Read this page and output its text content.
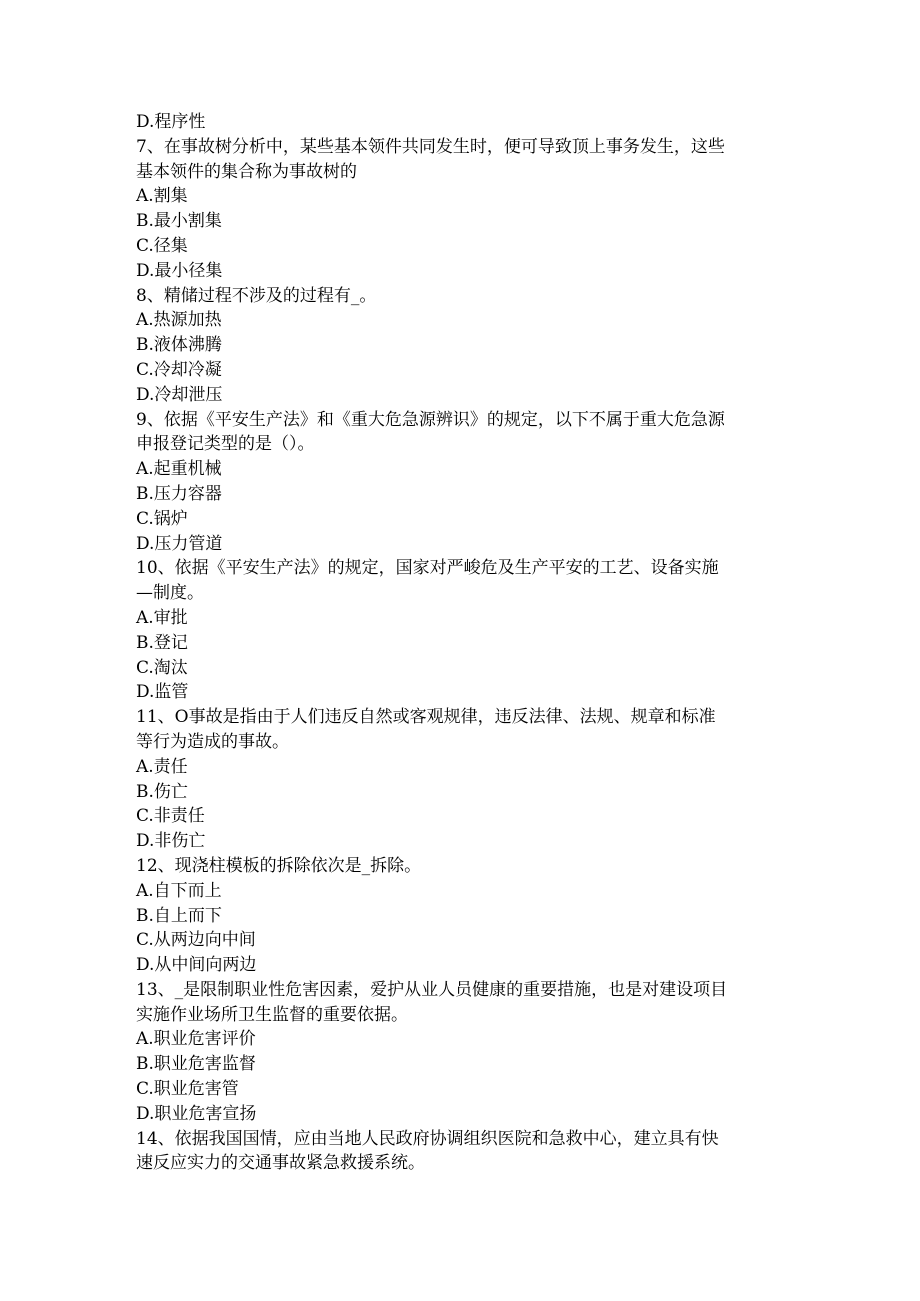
D.程序性
7、在事故树分析中，某些基本领件共同发生时，便可导致顶上事务发生，这些
基本领件的集合称为事故树的
A.割集
B.最小割集
C.径集
D.最小径集
8、精储过程不涉及的过程有_。
A.热源加热
B.液体沸腾
C.冷却冷凝
D.冷却泄压
9、依据《平安生产法》和《重大危急源辨识》的规定，以下不属于重大危急源
申报登记类型的是（）。
A.起重机械
B.压力容器
C.锅炉
D.压力管道
10、依据《平安生产法》的规定，国家对严峻危及生产平安的工艺、设备实施
—制度。
A.审批
B.登记
C.淘汰
D.监管
11、O事故是指由于人们违反自然或客观规律，违反法律、法规、规章和标准
等行为造成的事故。
A.责任
B.伤亡
C.非责任
D.非伤亡
12、现浇柱模板的拆除依次是_拆除。
A.自下而上
B.自上而下
C.从两边向中间
D.从中间向两边
13、_是限制职业性危害因素，爱护从业人员健康的重要措施，也是对建设项目
实施作业场所卫生监督的重要依据。
A.职业危害评价
B.职业危害监督
C.职业危害管
D.职业危害宣扬
14、依据我国国情，应由当地人民政府协调组织医院和急救中心，建立具有快
速反应实力的交通事故紧急救援系统。
